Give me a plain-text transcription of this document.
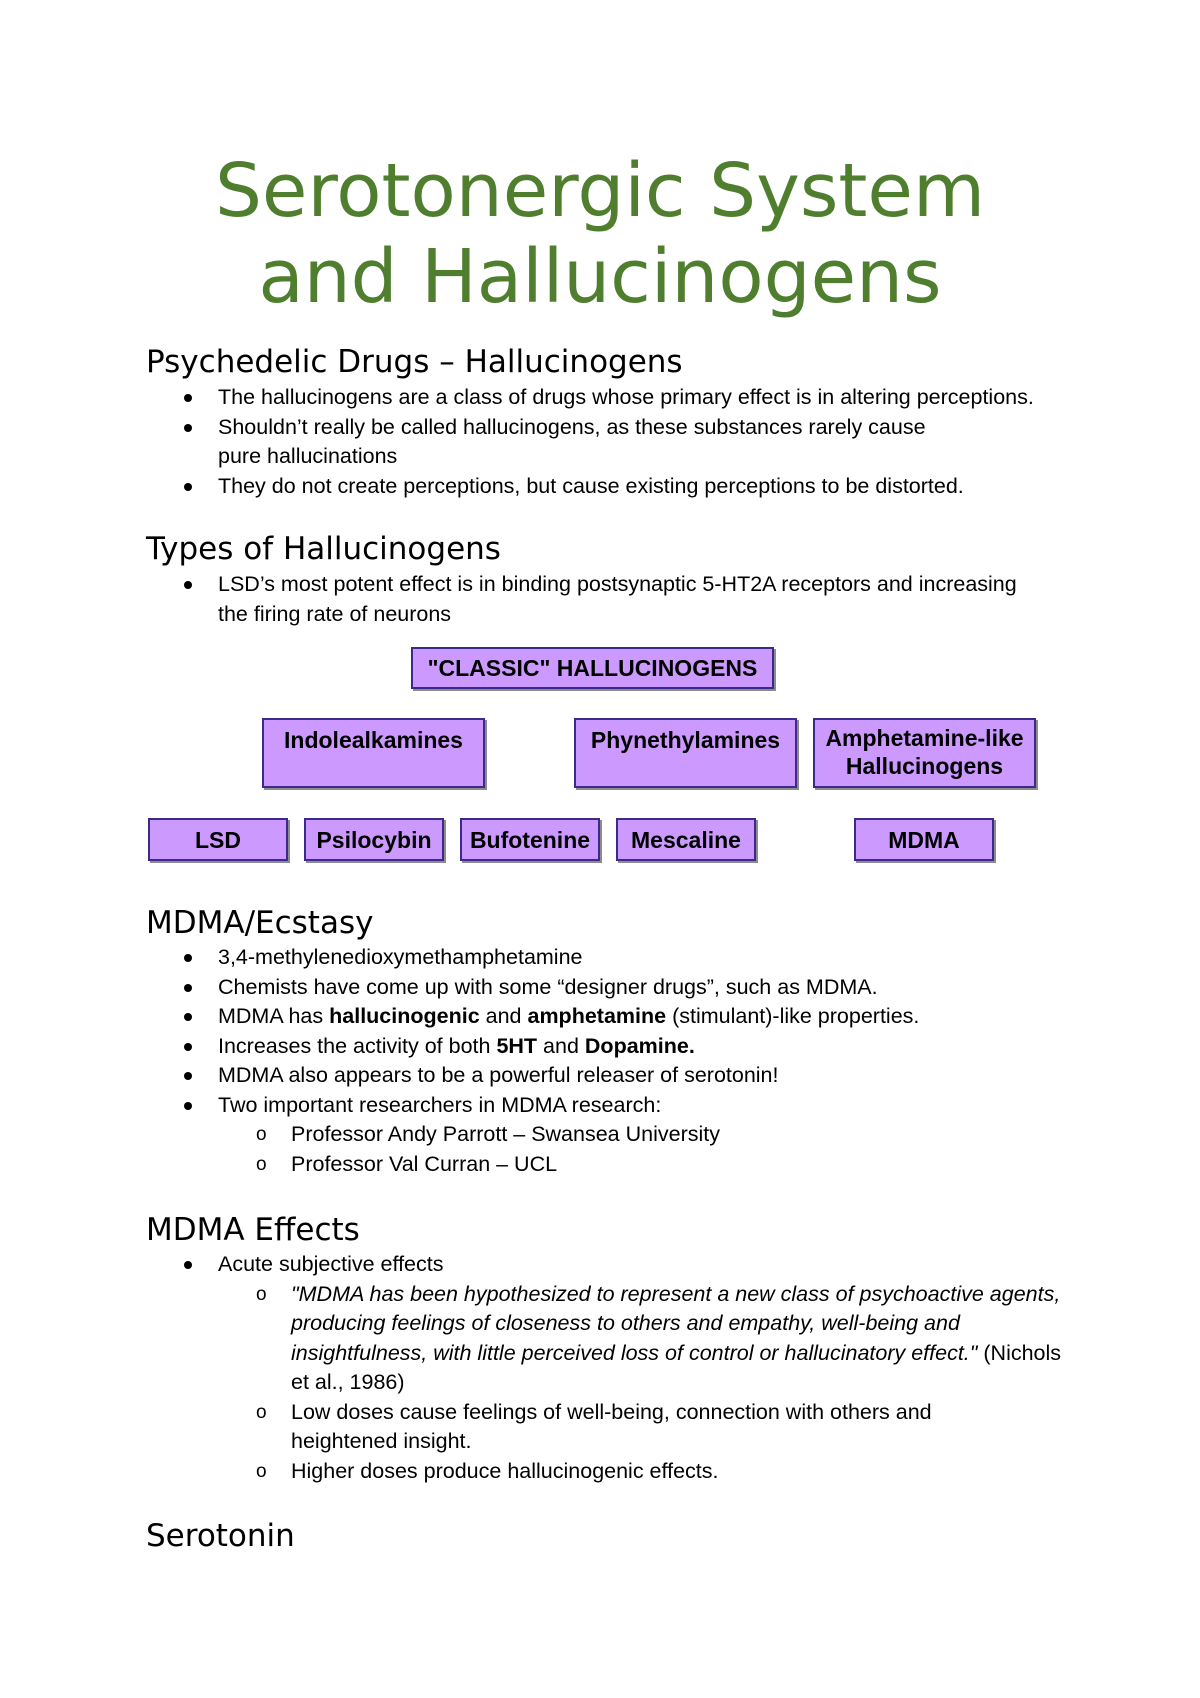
Serotonergic System
and Hallucinogens
Psychedelic Drugs – Hallucinogens
The hallucinogens are a class of drugs whose primary effect is in altering perceptions.
Shouldn’t really be called hallucinogens, as these substances rarely cause pure hallucinations
They do not create perceptions, but cause existing perceptions to be distorted.
Types of Hallucinogens
LSD’s most potent effect is in binding postsynaptic 5-HT2A receptors and increasing the firing rate of neurons
"CLASSIC" HALLUCINOGENS
Indolealkamines	Phynethylamines	Amphetamine-like Hallucinogens
LSD	Psilocybin	Bufotenine	Mescaline	MDMA
MDMA/Ecstasy
3,4-methylenedioxymethamphetamine
Chemists have come up with some “designer drugs”, such as MDMA.
MDMA has hallucinogenic and amphetamine (stimulant)-like properties.
Increases the activity of both 5HT and Dopamine.
MDMA also appears to be a powerful releaser of serotonin!
Two important researchers in MDMA research:
o Professor Andy Parrott – Swansea University
o Professor Val Curran – UCL
MDMA Effects
Acute subjective effects
o "MDMA has been hypothesized to represent a new class of psychoactive agents, producing feelings of closeness to others and empathy, well-being and insightfulness, with little perceived loss of control or hallucinatory effect." (Nichols et al., 1986)
o Low doses cause feelings of well-being, connection with others and heightened insight.
o Higher doses produce hallucinogenic effects.
Serotonin
